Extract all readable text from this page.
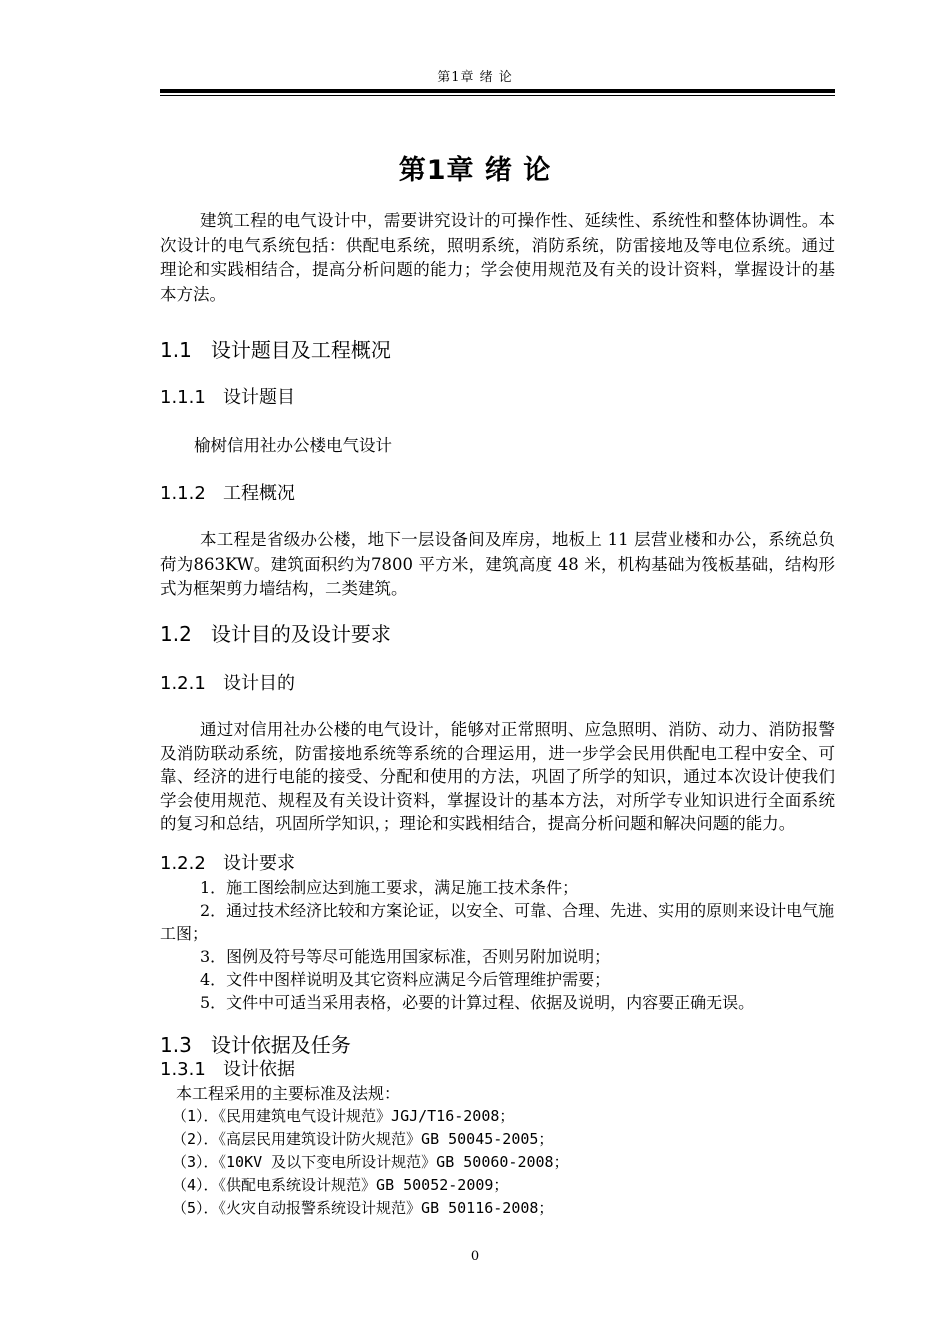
第1章 绪 论
第1章 绪 论

建筑工程的电气设计中，需要讲究设计的可操作性、延续性、系统性和整体协调性。本次设计的电气系统包括：供配电系统，照明系统，消防系统，防雷接地及等电位系统。通过理论和实践相结合，提高分析问题的能力；学会使用规范及有关的设计资料，掌握设计的基本方法。

1.1 设计题目及工程概况

1.1.1 设计题目

榆树信用社办公楼电气设计

1.1.2 工程概况

本工程是省级办公楼，地下一层设备间及库房，地板上 11 层营业楼和办公，系统总负荷为863KW。建筑面积约为7800 平方米，建筑高度 48 米，机构基础为筏板基础，结构形式为框架剪力墙结构，二类建筑。

1.2 设计目的及设计要求

1.2.1 设计目的

通过对信用社办公楼的电气设计，能够对正常照明、应急照明、消防、动力、消防报警及消防联动系统，防雷接地系统等系统的合理运用，进一步学会民用供配电工程中安全、可靠、经济的进行电能的接受、分配和使用的方法，巩固了所学的知识，通过本次设计使我们学会使用规范、规程及有关设计资料，掌握设计的基本方法，对所学专业知识进行全面系统的复习和总结，巩固所学知识，；理论和实践相结合，提高分析问题和解决问题的能力。

1.2.2 设计要求

1．施工图绘制应达到施工要求，满足施工技术条件；

2．通过技术经济比较和方案论证，以安全、可靠、合理、先进、实用的原则来设计电气施工图；

3．图例及符号等尽可能选用国家标准，否则另附加说明；

4．文件中图样说明及其它资料应满足今后管理维护需要；

5．文件中可适当采用表格，必要的计算过程、依据及说明，内容要正确无误。

1.3 设计依据及任务

1.3.1 设计依据

本工程采用的主要标准及法规：

（1）．《民用建筑电气设计规范》JGJ/T16-2008；

（2）．《高层民用建筑设计防火规范》GB 50045-2005；

（3）．《10KV 及以下变电所设计规范》GB 50060-2008；

（4）．《供配电系统设计规范》GB 50052-2009；

（5）．《火灾自动报警系统设计规范》GB 50116-2008；

0
